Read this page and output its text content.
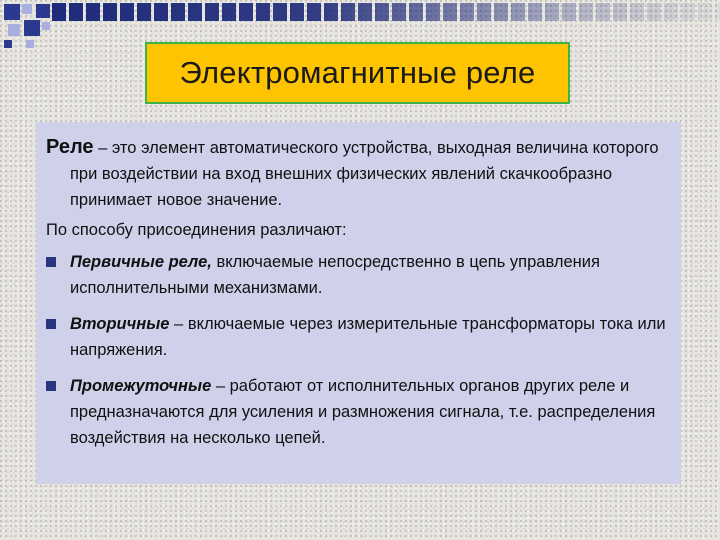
Электромагнитные реле

Реле – это элемент автоматического устройства, выходная величина которого при воздействии на вход внешних физических явлений скачкообразно принимает новое значение.

По способу присоединения различают:

Первичные реле, включаемые непосредственно в цепь управления исполнительными механизмами.
Вторичные – включаемые через измерительные трансформаторы тока или напряжения.
Промежуточные – работают от исполнительных органов других реле и предназначаются для усиления и размножения сигнала, т.е. распределения воздействия на несколько цепей.
